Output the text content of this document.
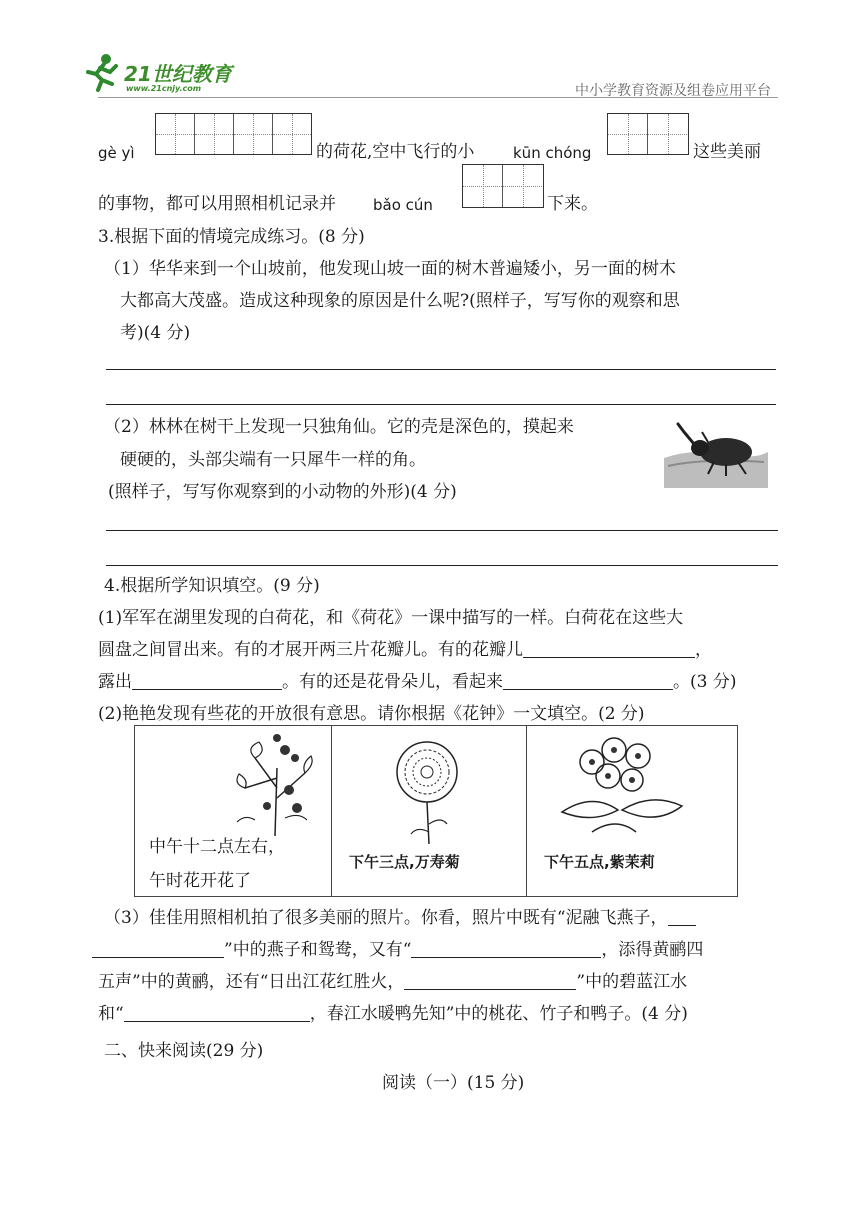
21世纪教育
www.21cnjy.com	中小学教育资源及组卷应用平台
gè yì	的荷花,空中飞行的小	kūn chóng	这些美丽
的事物，都可以用照相机记录并 bǎo cún	下来。
3.根据下面的情境完成练习。(8 分)
（1）华华来到一个山坡前，他发现山坡一面的树木普遍矮小，另一面的树木
大都高大茂盛。造成这种现象的原因是什么呢?(照样子，写写你的观察和思
考)(4 分)
（2）林林在树干上发现一只独角仙。它的壳是深色的，摸起来
硬硬的，头部尖端有一只犀牛一样的角。
(照样子，写写你观察到的小动物的外形)(4 分)
4.根据所学知识填空。(9 分)
(1)军军在湖里发现的白荷花，和《荷花》一课中描写的一样。白荷花在这些大
圆盘之间冒出来。有的才展开两三片花瓣儿。有的花瓣儿	，
露出	。有的还是花骨朵儿，看起来	。(3 分)
(2)艳艳发现有些花的开放很有意思。请你根据《花钟》一文填空。(2 分)
中午十二点左右，
午时花开花了
下午三点,万寿菊	下午五点,紫茉莉
（3）佳佳用照相机拍了很多美丽的照片。你看，照片中既有“泥融飞燕子，
”中的燕子和鸳鸯，又有“	，添得黄鹂四
五声”中的黄鹂，还有“日出江花红胜火，	”中的碧蓝江水
和“	，春江水暖鸭先知”中的桃花、竹子和鸭子。(4 分)
二、快来阅读(29 分)
阅读（一）(15 分)
